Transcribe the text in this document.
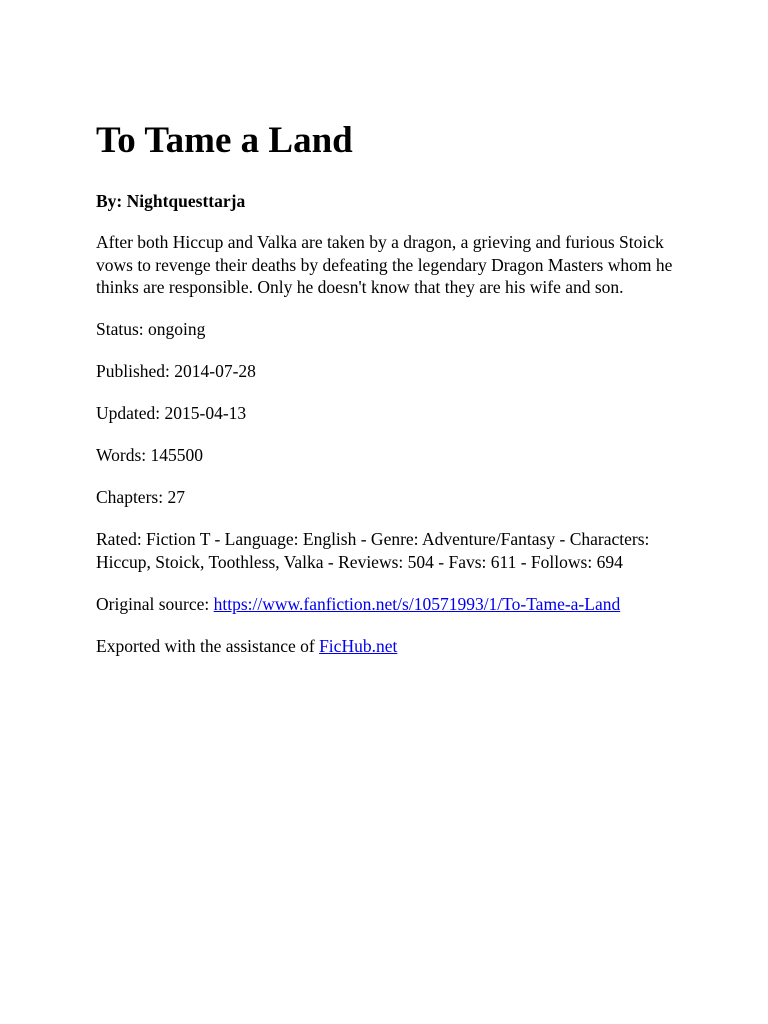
To Tame a Land

By: Nightquesttarja

After both Hiccup and Valka are taken by a dragon, a grieving and furious Stoick vows to revenge their deaths by defeating the legendary Dragon Masters whom he thinks are responsible. Only he doesn't know that they are his wife and son.

Status: ongoing

Published: 2014-07-28

Updated: 2015-04-13

Words: 145500

Chapters: 27

Rated: Fiction T - Language: English - Genre: Adventure/Fantasy - Characters: Hiccup, Stoick, Toothless, Valka - Reviews: 504 - Favs: 611 - Follows: 694

Original source: https://www.fanfiction.net/s/10571993/1/To-Tame-a-Land

Exported with the assistance of FicHub.net
